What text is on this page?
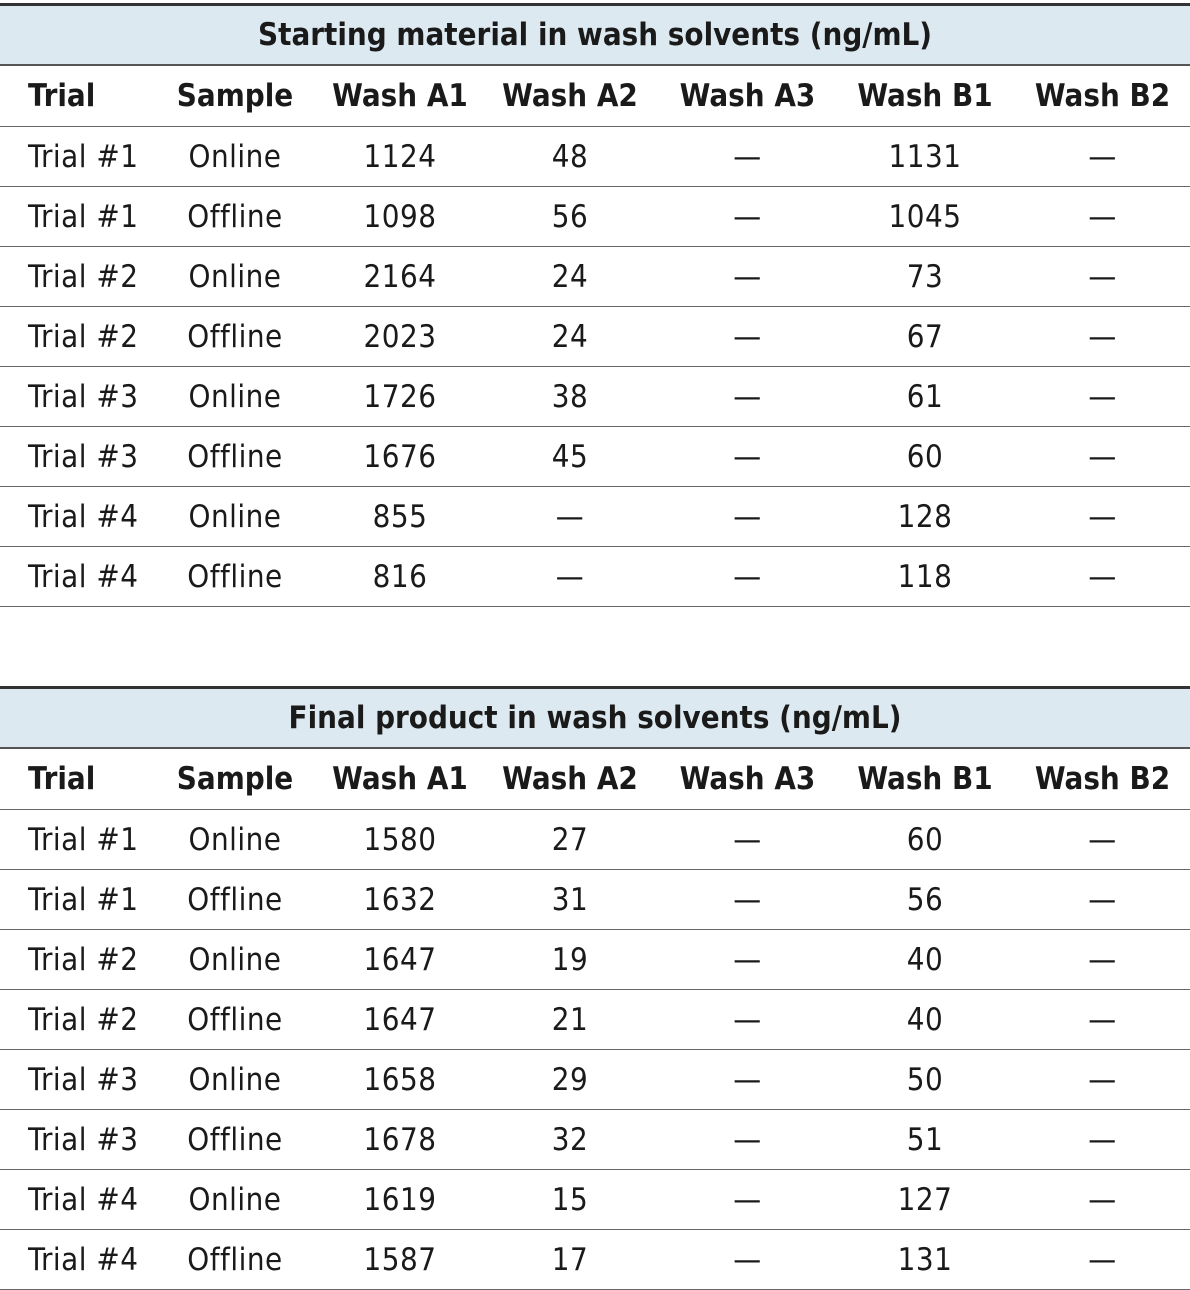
Starting material in wash solvents (ng/mL)						
Trial	Sample	Wash A1	Wash A2	Wash A3	Wash B1	Wash B2
Trial #1	Online	1124	48	—	1131	—
Trial #1	Offline	1098	56	—	1045	—
Trial #2	Online	2164	24	—	73	—
Trial #2	Offline	2023	24	—	67	—
Trial #3	Online	1726	38	—	61	—
Trial #3	Offline	1676	45	—	60	—
Trial #4	Online	855	—	—	128	—
Trial #4	Offline	816	—	—	118	—
Final product in wash solvents (ng/mL)						
Trial	Sample	Wash A1	Wash A2	Wash A3	Wash B1	Wash B2
Trial #1	Online	1580	27	—	60	—
Trial #1	Offline	1632	31	—	56	—
Trial #2	Online	1647	19	—	40	—
Trial #2	Offline	1647	21	—	40	—
Trial #3	Online	1658	29	—	50	—
Trial #3	Offline	1678	32	—	51	—
Trial #4	Online	1619	15	—	127	—
Trial #4	Offline	1587	17	—	131	—
